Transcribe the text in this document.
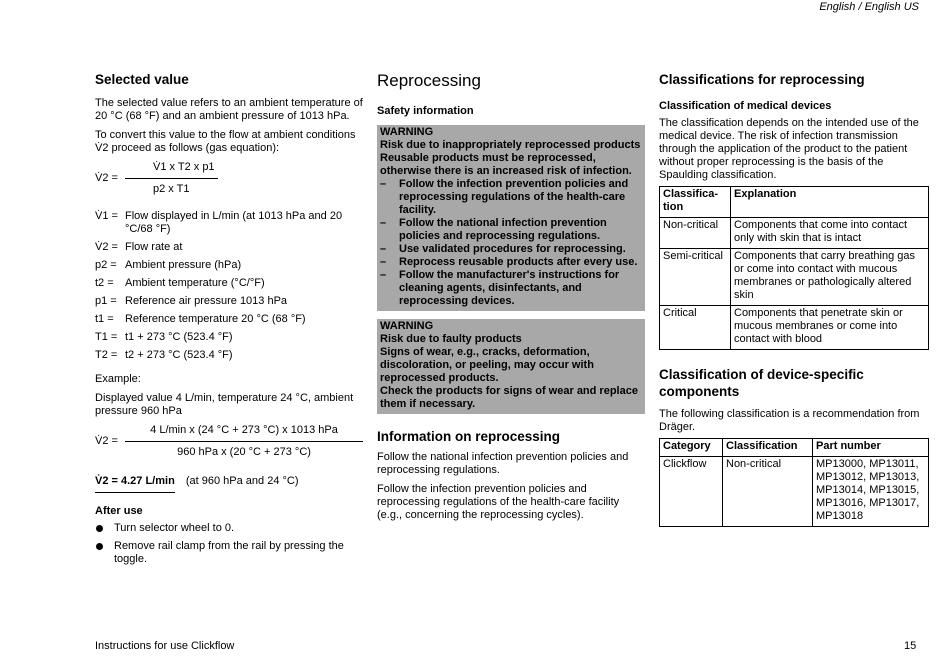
English / English US
Selected value

The selected value refers to an ambient temperature of 20 °C (68 °F) and an ambient pressure of 1013 hPa.

To convert this value to the flow at ambient conditions V̇2 proceed as follows (gas equation):

V̇2 = $\frac{\text{V̇1 x T2 x p1}}{\text{p2 x T1}}$
V̇1 =	Flow displayed in L/min (at 1013 hPa and 20 °C/68 °F)
V̇2 =	Flow rate at
p2 =	Ambient pressure (hPa)
t2 =	Ambient temperature (°C/°F)
p1 =	Reference air pressure 1013 hPa
t1 =	Reference temperature 20 °C (68 °F)
T1 =	t1 + 273 °C (523.4 °F)
T2 =	t2 + 273 °C (523.4 °F)

Example:

Displayed value 4 L/min, temperature 24 °C, ambient pressure 960 hPa

V̇2 = $\frac{\text{4 L/min x (24 °C + 273 °C) x 1013 hPa}}{\text{960 hPa x (20 °C + 273 °C)}}$
V̇2 = 4.27 L/min (at 960 hPa and 24 °C)
After use
Turn selector wheel to 0.
Remove rail clamp from the rail by pressing the toggle.
Reprocessing
Safety information
WARNING
Risk due to inappropriately reprocessed products
Reusable products must be reprocessed, otherwise there is an increased risk of infection.
– Follow the infection prevention policies and reprocessing regulations of the health-care facility.
– Follow the national infection prevention policies and reprocessing regulations.
– Use validated procedures for reprocessing.
– Reprocess reusable products after every use.
– Follow the manufacturer's instructions for cleaning agents, disinfectants, and reprocessing devices.
WARNING
Risk due to faulty products
Signs of wear, e.g., cracks, deformation, discoloration, or peeling, may occur with reprocessed products.
Check the products for signs of wear and replace them if necessary.
Information on reprocessing

Follow the national infection prevention policies and reprocessing regulations.

Follow the infection prevention policies and reprocessing regulations of the health-care facility (e.g., concerning the reprocessing cycles).

Classifications for reprocessing
Classification of medical devices

The classification depends on the intended use of the medical device. The risk of infection transmission through the application of the product to the patient without proper reprocessing is the basis of the Spaulding classification.

Classifica-tion	Explanation
Non-critical	Components that come into contact only with skin that is intact
Semi-critical	Components that carry breathing gas or come into contact with mucous membranes or pathologically altered skin
Critical	Components that penetrate skin or mucous membranes or come into contact with blood
Classification of device-specific components

The following classification is a recommendation from Dräger.

Category	Classification	Part number
Clickflow	Non-critical	MP13000, MP13011, MP13012, MP13013, MP13014, MP13015, MP13016, MP13017, MP13018
Instructions for use Clickflow	15
